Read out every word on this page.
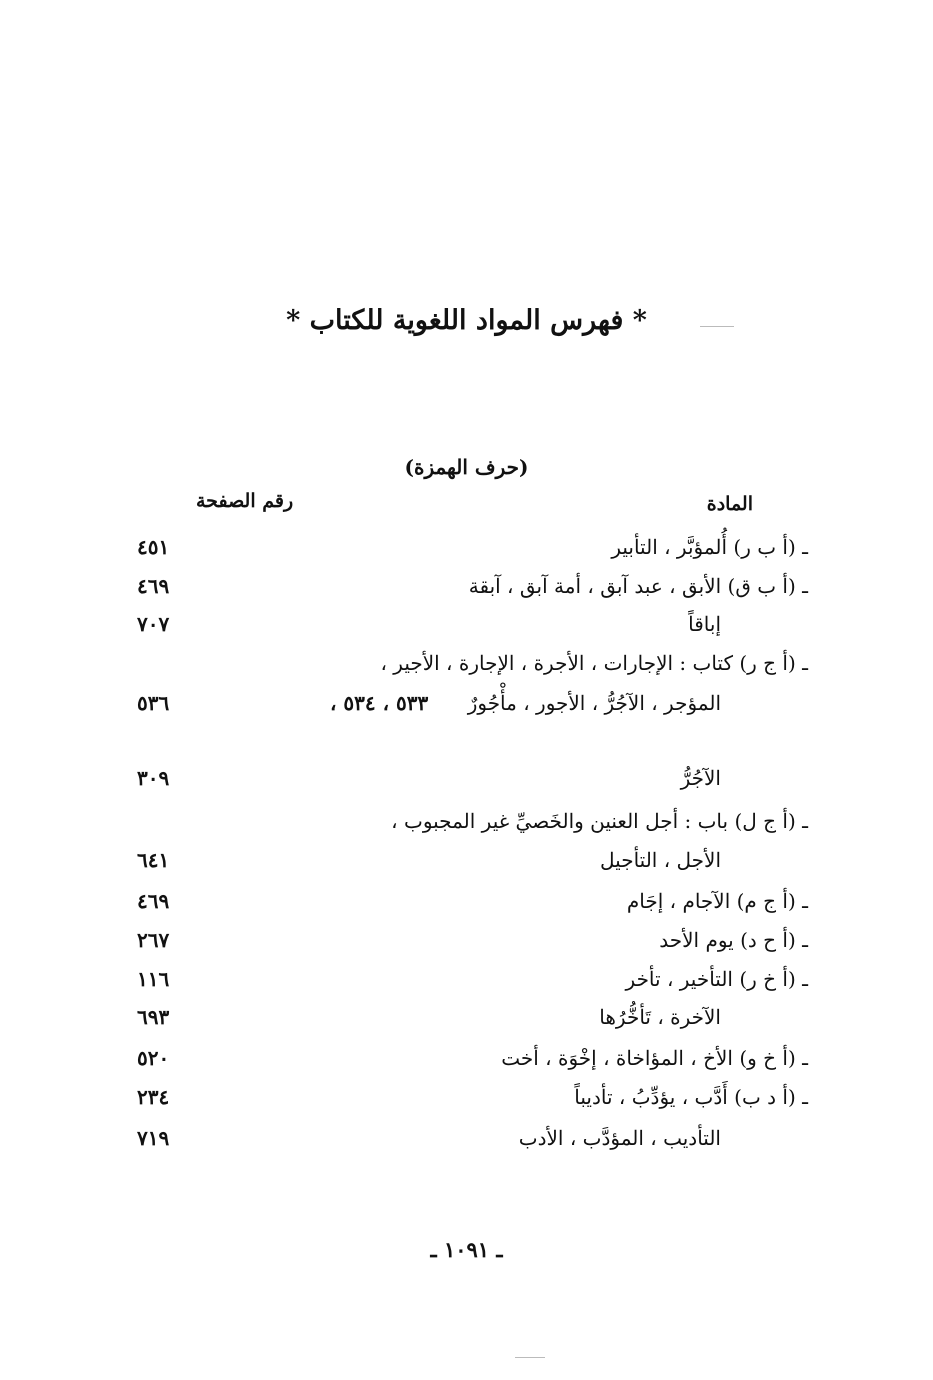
* فهرس المواد اللغوية للكتاب *
(حرف الهمزة)
المادة
رقم الصفحة
ـ (أ ب ر) أُلمؤبَّر ، التأبير
٤٥١
ـ (أ ب ق) الأبق ، عبد آبق ، أمة آبق ، آبقة
٤٦٩
إباقاً
٧٠٧
ـ (أ ج ر) كتاب : الإجارات ، الأجرة ، الإجارة ، الأجير ،
المؤجر ، الآجُرُّ ، الأجور ، مأْجُورٌ
٥٣٣ ، ٥٣٤ ،
٥٣٦
الآجُرُّ
٣٠٩
ـ (أ ج ل) باب : أجل العنين والخَصيِّ غير المجبوب ،
الأجل ، التأجيل
٦٤١
ـ (أ ج م) الآجام ، إجَام
٤٦٩
ـ (أ ح د) يوم الأحد
٢٦٧
ـ (أ خ ر) التأخير ، تأخر
١١٦
الآخرة ، تَأخُّرُها
٦٩٣
ـ (أ خ و) الأخ ، المؤاخاة ، إخْوَة ، أخت
٥٢٠
ـ (أ د ب) أَدَّب ، يؤدِّبُ ، تأديباً
٢٣٤
التأديب ، المؤدَّب ، الأدب
٧١٩
ـ ١٠٩١ ـ
